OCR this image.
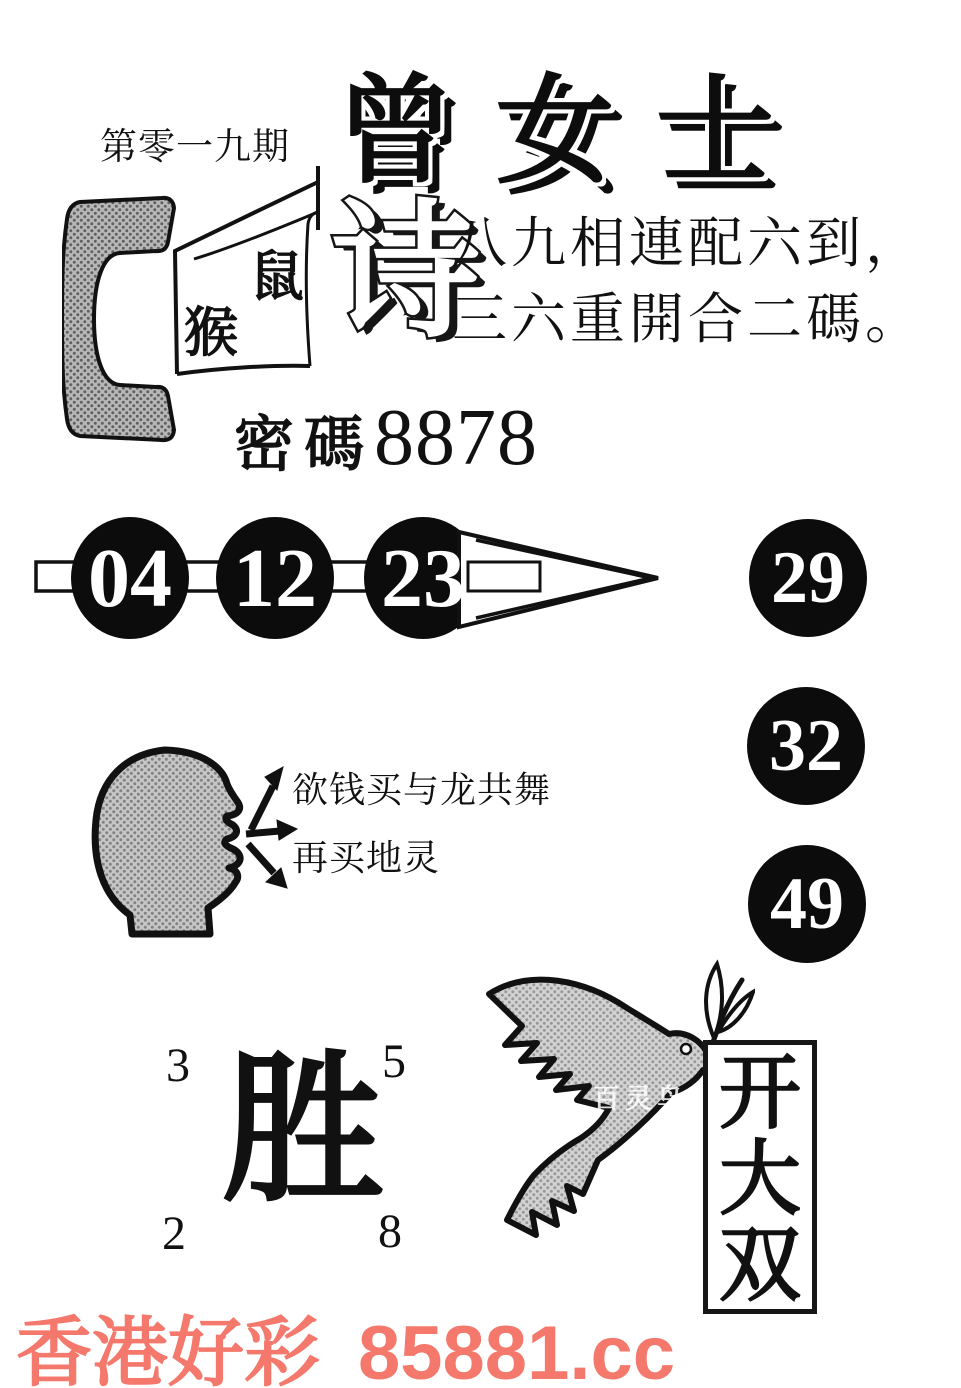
第零一九期 曾女士
鼠
猴 诗
八九相連配六到，
三六重開合二碼。
密碼 8878
04 12 23	29
32
49
欲钱买与龙共舞
再买地灵
3	5
2	8
胜	百灵鸟 开
大
双
香港好彩 85881.cc
